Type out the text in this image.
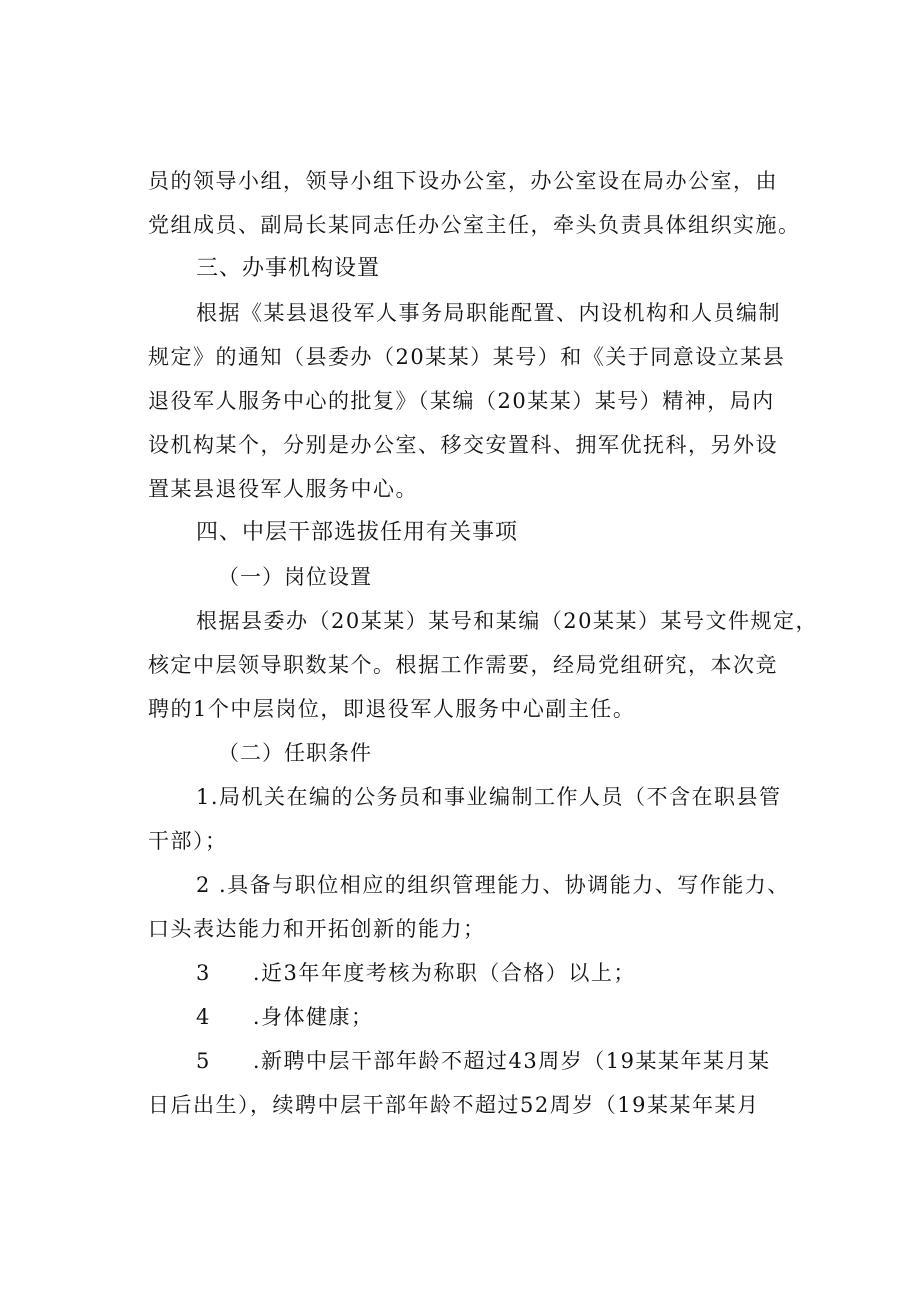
员的领导小组，领导小组下设办公室，办公室设在局办公室，由
党组成员、副局长某同志任办公室主任，牵头负责具体组织实施。
三、办事机构设置
根据《某县退役军人事务局职能配置、内设机构和人员编制
规定》的通知（县委办（20某某）某号）和《关于同意设立某县
退役军人服务中心的批复》（某编（20某某）某号）精神，局内
设机构某个，分别是办公室、移交安置科、拥军优抚科，另外设
置某县退役军人服务中心。
四、中层干部选拔任用有关事项
（一）岗位设置
根据县委办（20某某）某号和某编（20某某）某号文件规定，
核定中层领导职数某个。根据工作需要，经局党组研究，本次竞
聘的1个中层岗位，即退役军人服务中心副主任。
（二）任职条件
1.局机关在编的公务员和事业编制工作人员（不含在职县管
干部）；
2 .具备与职位相应的组织管理能力、协调能力、写作能力、
口头表达能力和开拓创新的能力；
3 .近3年年度考核为称职（合格）以上；
4 .身体健康；
5 .新聘中层干部年龄不超过43周岁（19某某年某月某
日后出生），续聘中层干部年龄不超过52周岁（19某某年某月
